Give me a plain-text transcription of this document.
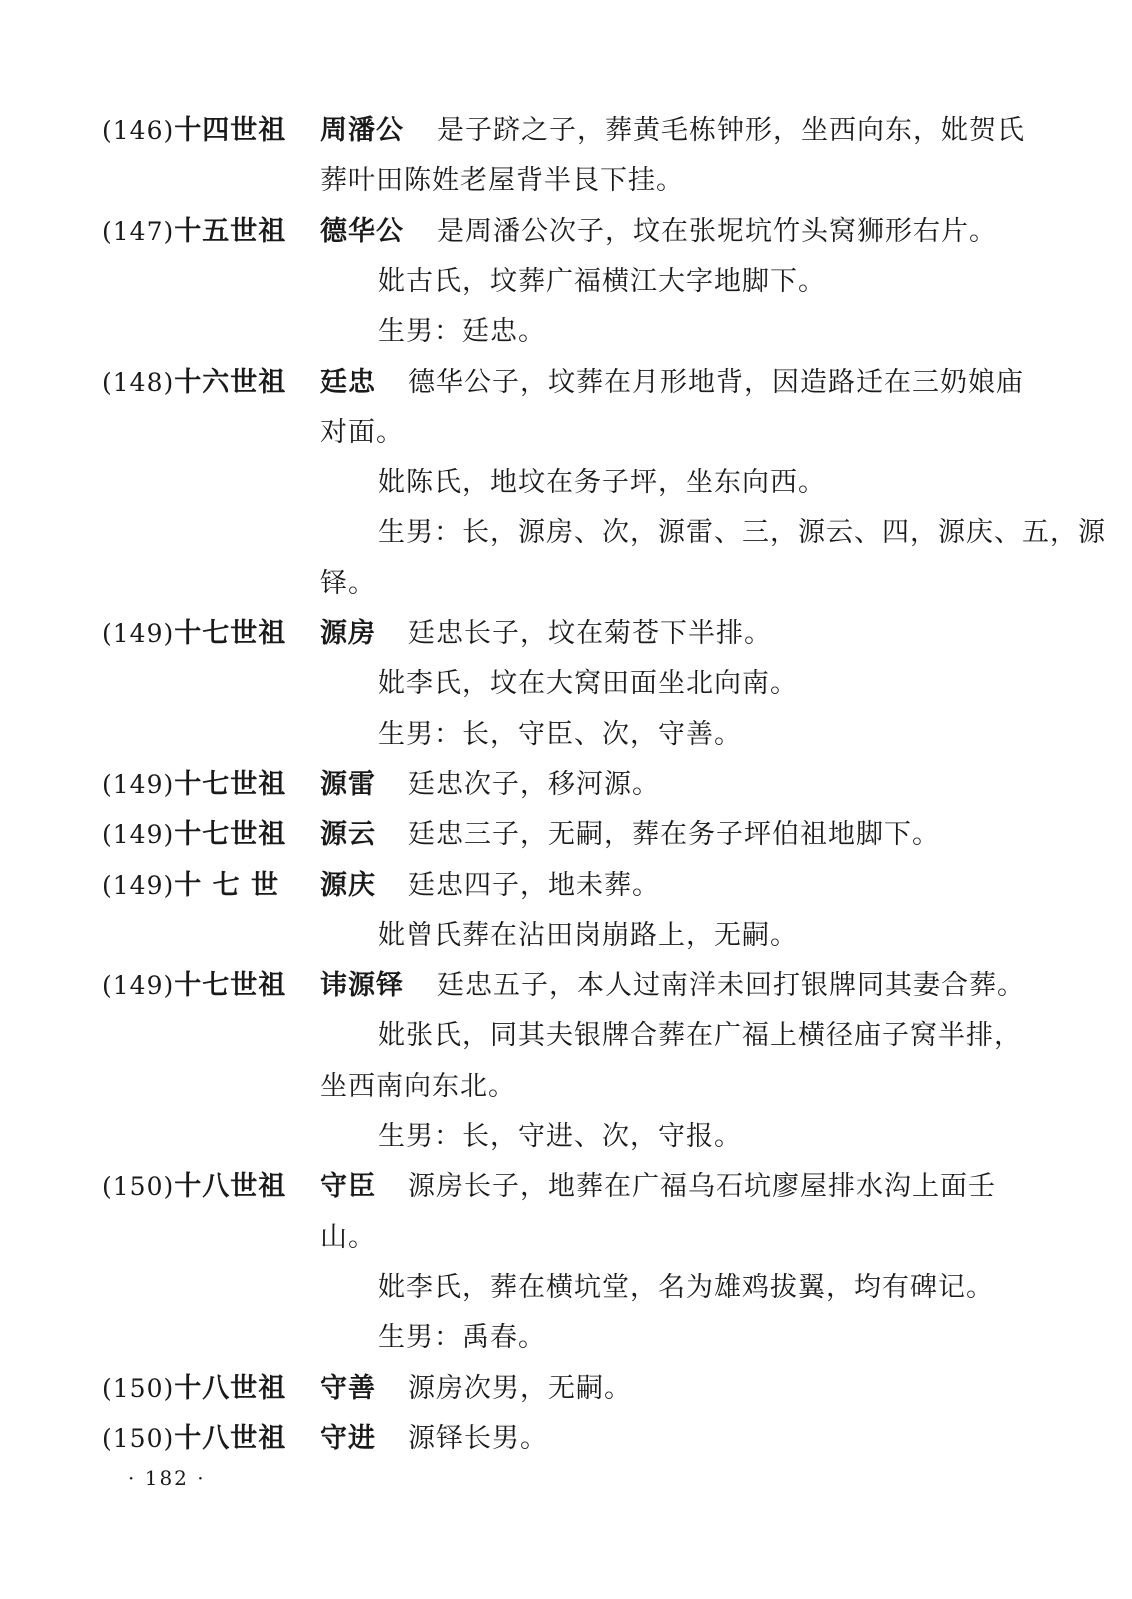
(146)十四世祖	周潘公 是子跻之子，葬黄毛栋钟形，坐西向东，妣贺氏
葬叶田陈姓老屋背半艮下挂。
(147)十五世祖	德华公 是周潘公次子，坟在张坭坑竹头窝狮形右片。
妣古氏，坟葬广福横江大字地脚下。
生男：廷忠。
(148)十六世祖	廷忠 德华公子，坟葬在月形地背，因造路迁在三奶娘庙
对面。
妣陈氏，地坟在务子坪，坐东向西。
生男：长，源房、次，源雷、三，源云、四，源庆、五，源
铎。
(149)十七世祖	源房 廷忠长子，坟在菊苍下半排。
妣李氏，坟在大窝田面坐北向南。
生男：长，守臣、次，守善。
(149)十七世祖	源雷 廷忠次子，移河源。
(149)十七世祖	源云 廷忠三子，无嗣，葬在务子坪伯祖地脚下。
(149)十 七 世	源庆 廷忠四子，地未葬。
妣曾氏葬在沾田岗崩路上，无嗣。
(149)十七世祖	讳源铎 廷忠五子，本人过南洋未回打银牌同其妻合葬。
妣张氏，同其夫银牌合葬在广福上横径庙子窝半排，
坐西南向东北。
生男：长，守进、次，守报。
(150)十八世祖	守臣 源房长子，地葬在广福乌石坑廖屋排水沟上面壬
山。
妣李氏，葬在横坑堂，名为雄鸡拔翼，均有碑记。
生男：禹春。
(150)十八世祖	守善 源房次男，无嗣。
(150)十八世祖	守进 源铎长男。
· 182 ·
